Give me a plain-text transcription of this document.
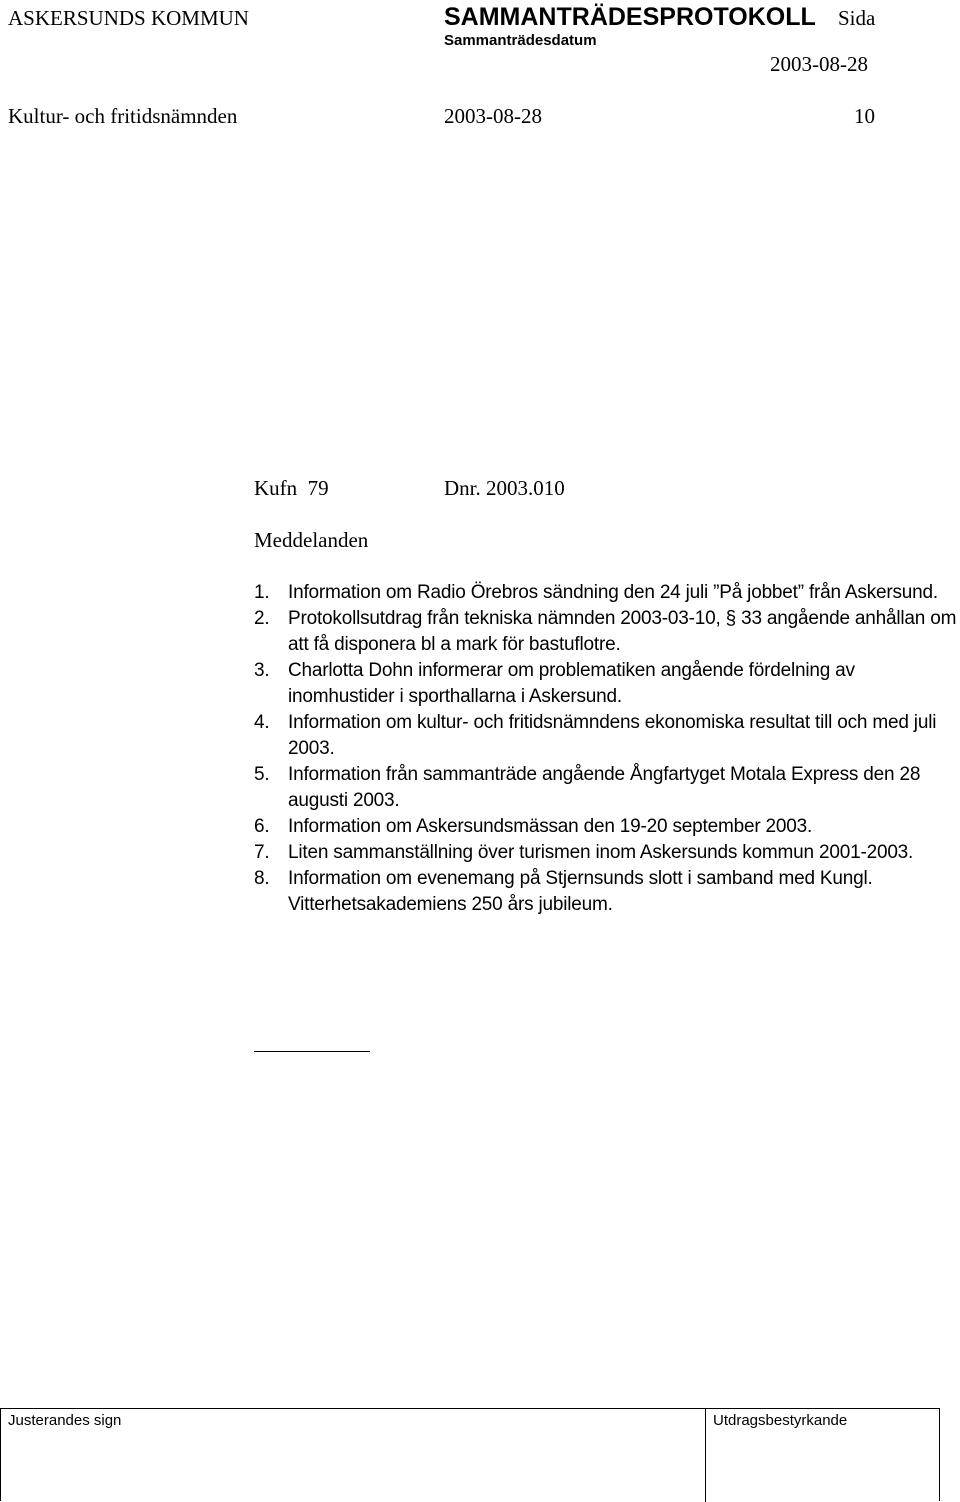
ASKERSUNDS KOMMUN	SAMMANTRÄDESPROTOKOLL Sida
Sammanträdesdatum
2003-08-28
Kultur- och fritidsnämnden	2003-08-28	10
Kufn  79	Dnr. 2003.010
Meddelanden
1. Information om Radio Örebros sändning den 24 juli ”På jobbet” från Askersund.
2. Protokollsutdrag från tekniska nämnden 2003-03-10, § 33 angående anhållan om att få disponera bl a mark för bastuflotre.
3. Charlotta Dohn informerar om problematiken angående fördelning av inomhustider i sporthallarna i Askersund.
4. Information om kultur- och fritidsnämndens ekonomiska resultat till och med juli 2003.
5. Information från sammanträde angående Ångfartyget Motala Express den 28 augusti 2003.
6. Information om Askersundsmässan den 19-20 september 2003.
7. Liten sammanställning över turismen inom Askersunds kommun 2001-2003.
8. Information om evenemang på Stjernsunds slott i samband med Kungl. Vitterhetsakademiens 250 års jubileum.
Justerandes sign	Utdragsbestyrkande
